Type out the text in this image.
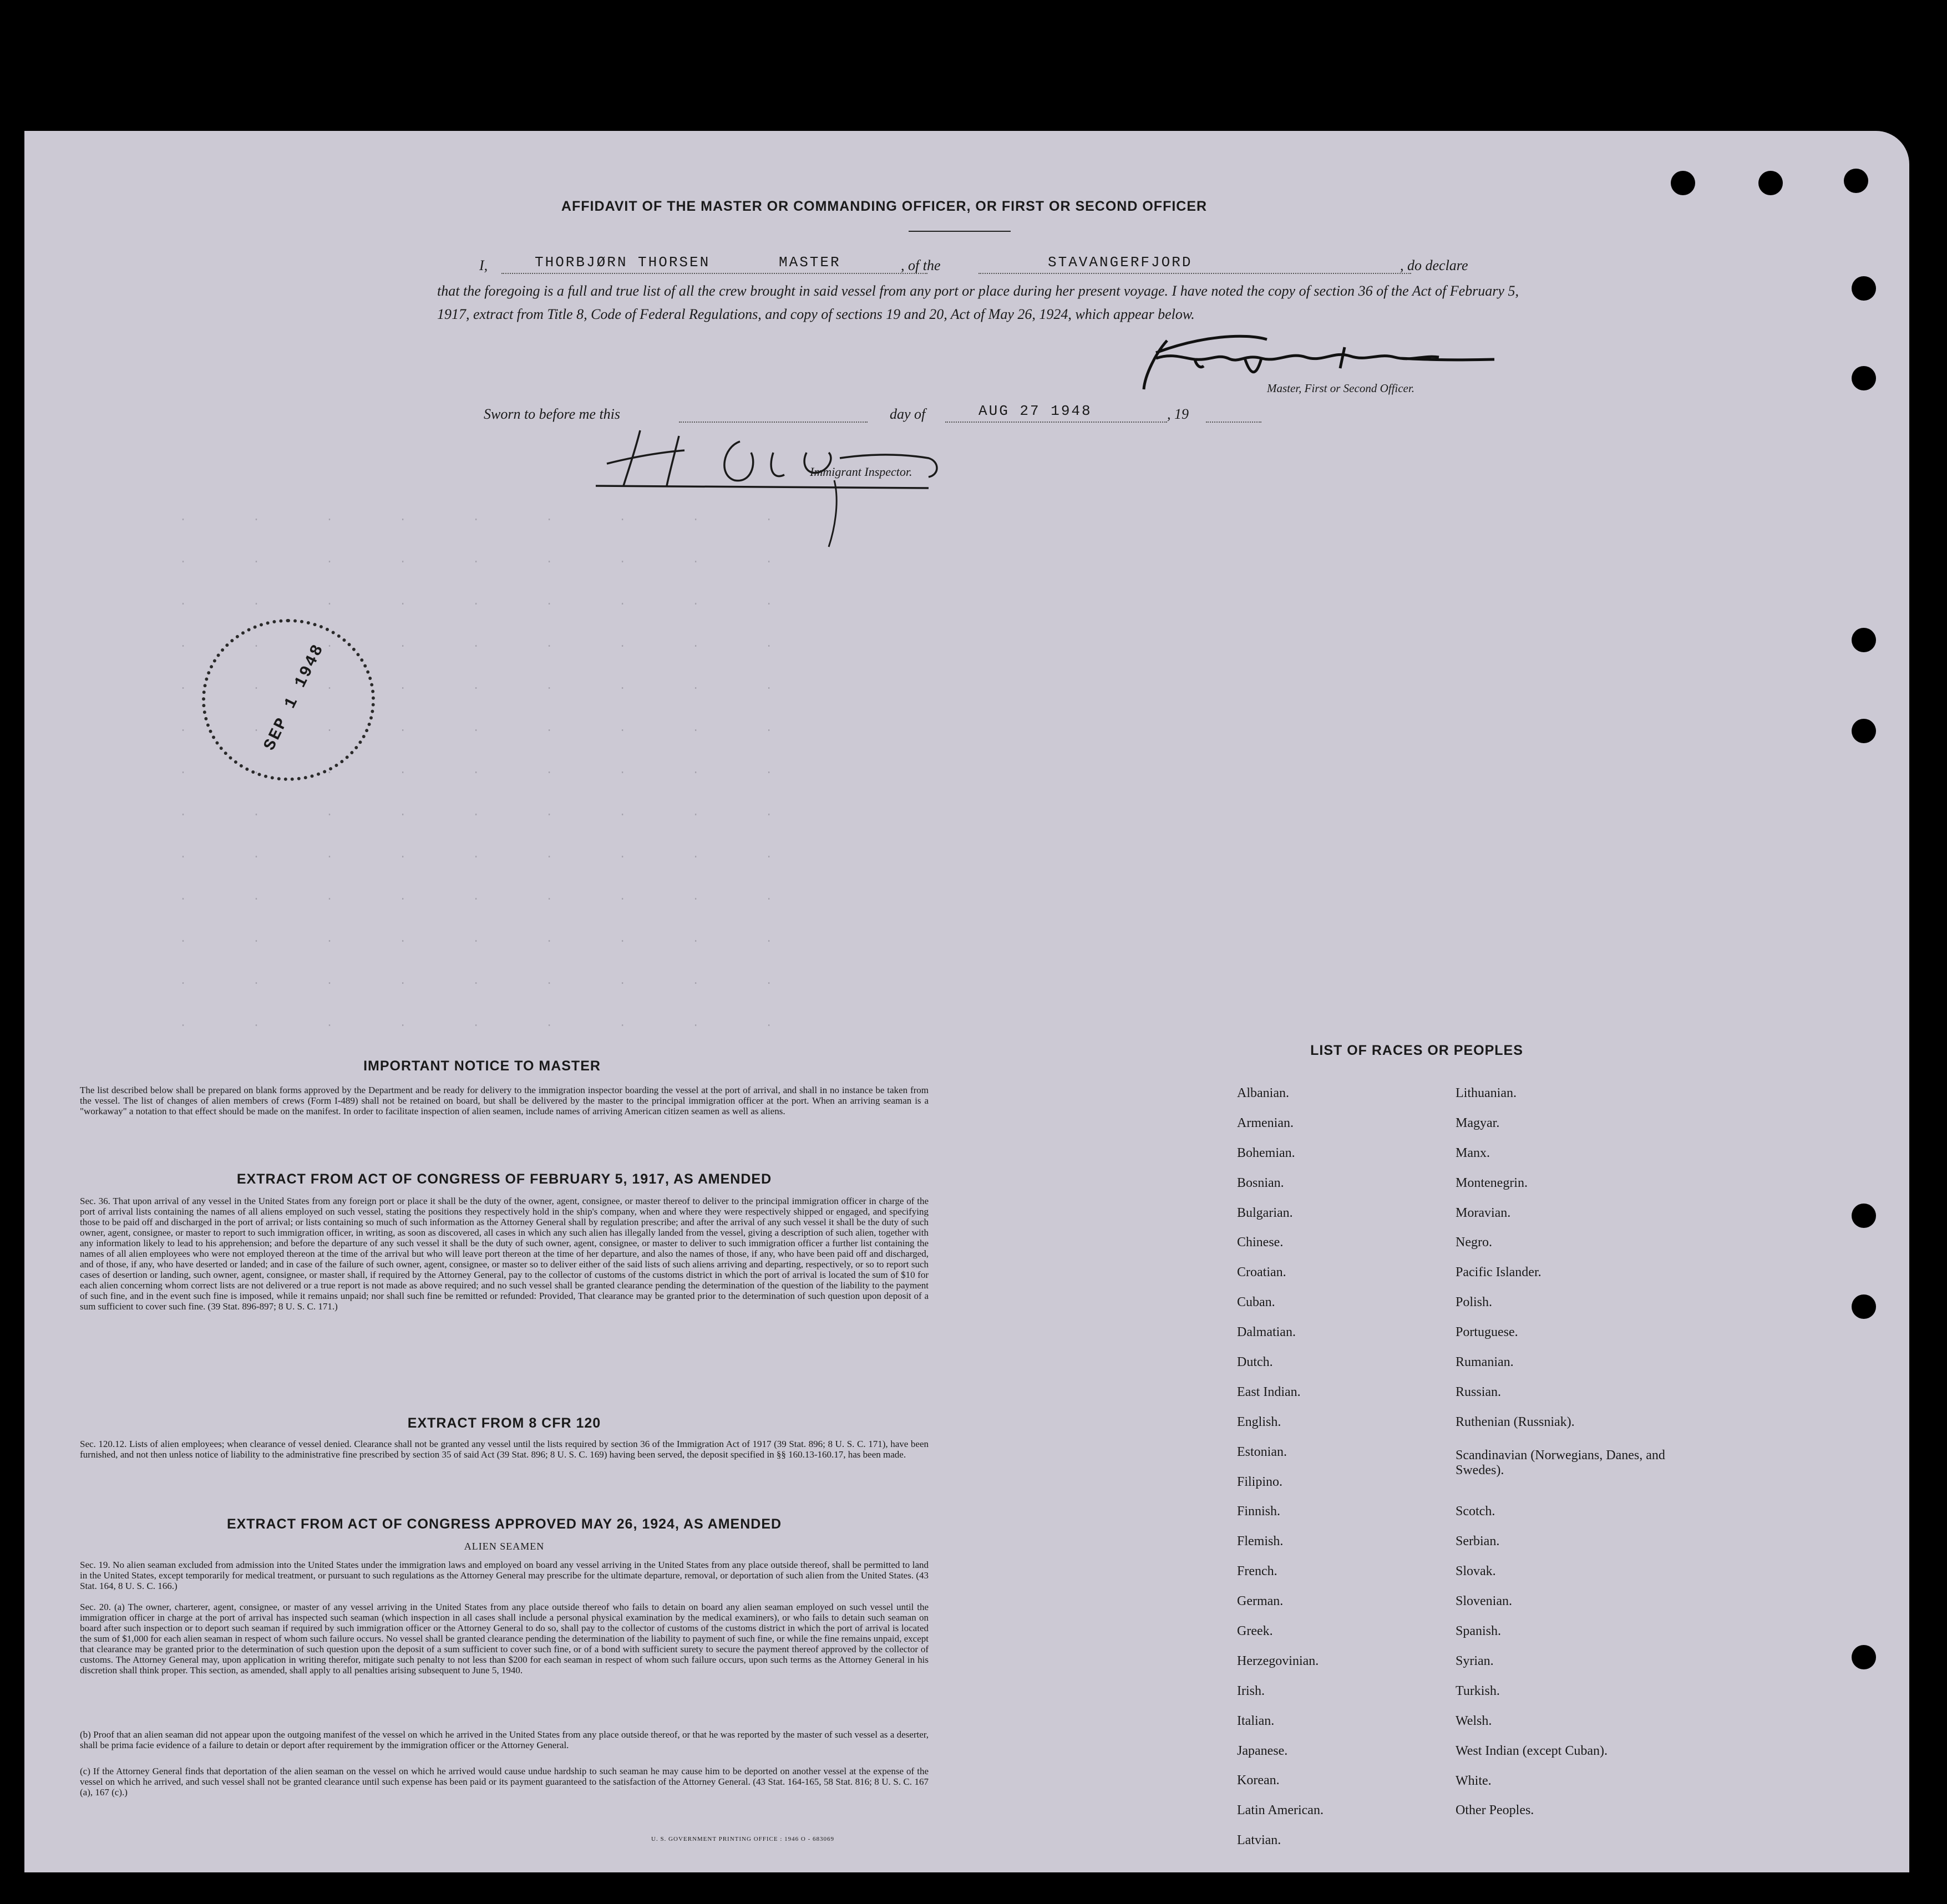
.          .          .          .          .          .          .          .          .
.          .          .          .          .          .          .          .          .
.          .          .          .          .          .          .          .          .
.          .          .          .          .          .          .          .          .
.          .          .          .          .          .          .          .          .
.          .          .          .          .          .          .          .          .
.          .          .          .          .          .          .          .          .
.          .          .          .          .          .          .          .          .
.          .          .          .          .          .          .          .          .
.          .          .          .          .          .          .          .          .
.          .          .          .          .          .          .          .          .
.          .          .          .          .          .          .          .          .
.          .          .          .          .          .          .          .          .
AFFIDAVIT OF THE MASTER OR COMMANDING OFFICER, OR FIRST OR SECOND OFFICER
I,	THORBJØRN THORSEN	MASTER	, of the	STAVANGERFJORD	, do declare
that the foregoing is a full and true list of all the crew brought in said vessel from any port or place during her present voyage. I have noted the copy of section 36 of the Act of February 5, 1917, extract from Title 8, Code of Federal Regulations, and copy of sections 19 and 20, Act of May 26, 1924, which appear below.
Master, First or Second Officer.
Sworn to before me this	day of	AUG 27 1948	, 19
Immigrant Inspector.
SEP 1 1948
IMPORTANT NOTICE TO MASTER
The list described below shall be prepared on blank forms approved by the Department and be ready for delivery to the immigration inspector boarding the vessel at the port of arrival, and shall in no instance be taken from the vessel. The list of changes of alien members of crews (Form I-489) shall not be retained on board, but shall be delivered by the master to the principal immigration officer at the port. When an arriving seaman is a "workaway" a notation to that effect should be made on the manifest. In order to facilitate inspection of alien seamen, include names of arriving American citizen seamen as well as aliens.
EXTRACT FROM ACT OF CONGRESS OF FEBRUARY 5, 1917, AS AMENDED
Sec. 36. That upon arrival of any vessel in the United States from any foreign port or place it shall be the duty of the owner, agent, consignee, or master thereof to deliver to the principal immigration officer in charge of the port of arrival lists containing the names of all aliens employed on such vessel, stating the positions they respectively hold in the ship's company, when and where they were respectively shipped or engaged, and specifying those to be paid off and discharged in the port of arrival; or lists containing so much of such information as the Attorney General shall by regulation prescribe; and after the arrival of any such vessel it shall be the duty of such owner, agent, consignee, or master to report to such immigration officer, in writing, as soon as discovered, all cases in which any such alien has illegally landed from the vessel, giving a description of such alien, together with any information likely to lead to his apprehension; and before the departure of any such vessel it shall be the duty of such owner, agent, consignee, or master to deliver to such immigration officer a further list containing the names of all alien employees who were not employed thereon at the time of the arrival but who will leave port thereon at the time of her departure, and also the names of those, if any, who have been paid off and discharged, and of those, if any, who have deserted or landed; and in case of the failure of such owner, agent, consignee, or master so to deliver either of the said lists of such aliens arriving and departing, respectively, or so to report such cases of desertion or landing, such owner, agent, consignee, or master shall, if required by the Attorney General, pay to the collector of customs of the customs district in which the port of arrival is located the sum of $10 for each alien concerning whom correct lists are not delivered or a true report is not made as above required; and no such vessel shall be granted clearance pending the determination of the question of the liability to the payment of such fine, and in the event such fine is imposed, while it remains unpaid; nor shall such fine be remitted or refunded: Provided, That clearance may be granted prior to the determination of such question upon deposit of a sum sufficient to cover such fine. (39 Stat. 896-897; 8 U. S. C. 171.)
EXTRACT FROM 8 CFR 120
Sec. 120.12. Lists of alien employees; when clearance of vessel denied. Clearance shall not be granted any vessel until the lists required by section 36 of the Immigration Act of 1917 (39 Stat. 896; 8 U. S. C. 171), have been furnished, and not then unless notice of liability to the administrative fine prescribed by section 35 of said Act (39 Stat. 896; 8 U. S. C. 169) having been served, the deposit specified in §§ 160.13-160.17, has been made.
EXTRACT FROM ACT OF CONGRESS APPROVED MAY 26, 1924, AS AMENDED
ALIEN SEAMEN
Sec. 19. No alien seaman excluded from admission into the United States under the immigration laws and employed on board any vessel arriving in the United States from any place outside thereof, shall be permitted to land in the United States, except temporarily for medical treatment, or pursuant to such regulations as the Attorney General may prescribe for the ultimate departure, removal, or deportation of such alien from the United States. (43 Stat. 164, 8 U. S. C. 166.)
Sec. 20. (a) The owner, charterer, agent, consignee, or master of any vessel arriving in the United States from any place outside thereof who fails to detain on board any alien seaman employed on such vessel until the immigration officer in charge at the port of arrival has inspected such seaman (which inspection in all cases shall include a personal physical examination by the medical examiners), or who fails to detain such seaman on board after such inspection or to deport such seaman if required by such immigration officer or the Attorney General to do so, shall pay to the collector of customs of the customs district in which the port of arrival is located the sum of $1,000 for each alien seaman in respect of whom such failure occurs. No vessel shall be granted clearance pending the determination of the liability to payment of such fine, or while the fine remains unpaid, except that clearance may be granted prior to the determination of such question upon the deposit of a sum sufficient to cover such fine, or of a bond with sufficient surety to secure the payment thereof approved by the collector of customs. The Attorney General may, upon application in writing therefor, mitigate such penalty to not less than $200 for each seaman in respect of whom such failure occurs, upon such terms as the Attorney General in his discretion shall think proper. This section, as amended, shall apply to all penalties arising subsequent to June 5, 1940.
(b) Proof that an alien seaman did not appear upon the outgoing manifest of the vessel on which he arrived in the United States from any place outside thereof, or that he was reported by the master of such vessel as a deserter, shall be prima facie evidence of a failure to detain or deport after requirement by the immigration officer or the Attorney General.
(c) If the Attorney General finds that deportation of the alien seaman on the vessel on which he arrived would cause undue hardship to such seaman he may cause him to be deported on another vessel at the expense of the vessel on which he arrived, and such vessel shall not be granted clearance until such expense has been paid or its payment guaranteed to the satisfaction of the Attorney General. (43 Stat. 164-165, 58 Stat. 816; 8 U. S. C. 167 (a), 167 (c).)
U. S. GOVERNMENT PRINTING OFFICE : 1946 O - 683069
LIST OF RACES OR PEOPLES
Albanian.
Armenian.
Bohemian.
Bosnian.
Bulgarian.
Chinese.
Croatian.
Cuban.
Dalmatian.
Dutch.
East Indian.
English.
Estonian.
Filipino.
Finnish.
Flemish.
French.
German.
Greek.
Herzegovinian.
Irish.
Italian.
Japanese.
Korean.
Latin American.
Latvian.
Lithuanian.
Magyar.
Manx.
Montenegrin.
Moravian.
Negro.
Pacific Islander.
Polish.
Portuguese.
Rumanian.
Russian.
Ruthenian (Russniak).
Scandinavian (Norwegians, Danes, and Swedes).
Scotch.
Serbian.
Slovak.
Slovenian.
Spanish.
Syrian.
Turkish.
Welsh.
West Indian (except Cuban).
White.
Other Peoples.
